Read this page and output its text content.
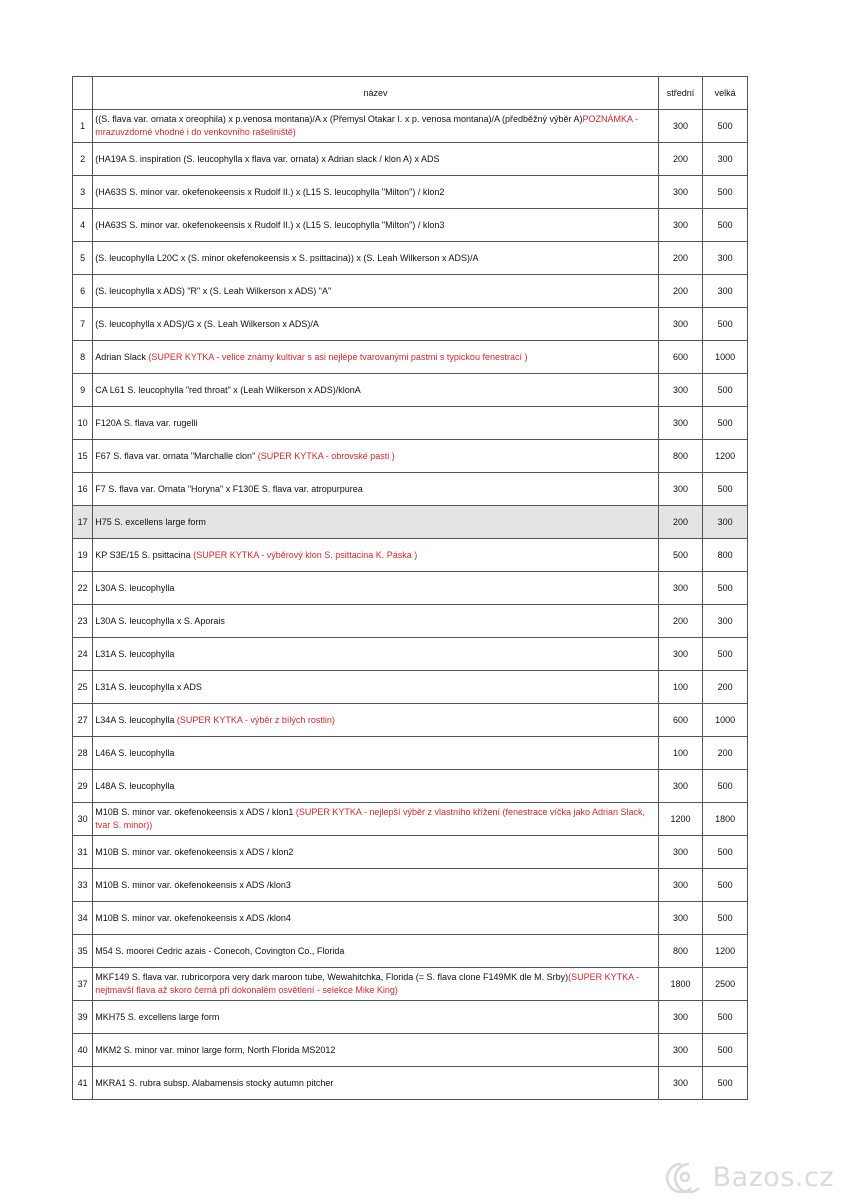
	název	střední	velká
1	((S. flava var. ornata x oreophila) x p.venosa montana)/A x (Přemysl Otakar I. x p. venosa montana)/A (předběžný výběr A)POZNÁMKA - mrazuvzdorné vhodné i do venkovního rašeliniště)	300	500
2	(HA19A S. inspiration (S. leucophylla x flava var. ornata) x Adrian slack / klon A) x ADS	200	300
3	(HA63S S. minor var. okefenokeensis x Rudolf II.) x (L15 S. leucophylla "Milton") / klon2	300	500
4	(HA63S S. minor var. okefenokeensis x Rudolf II.) x (L15 S. leucophylla "Milton") / klon3	300	500
5	(S. leucophylla L20C x (S. minor okefenokeensis x S. psittacina)) x (S. Leah Wilkerson x ADS)/A	200	300
6	(S. leucophylla x ADS) "R" x (S. Leah Wilkerson x ADS) "A"	200	300
7	(S. leucophylla x ADS)/G x (S. Leah Wilkerson x ADS)/A	300	500
8	Adrian Slack (SUPER KYTKA - velice známy kultivar s asi nejlépe tvarovanými pastmi s typickou fenestrací )	600	1000
9	CA L61 S. leucophylla "red throat" x (Leah Wilkerson x ADS)/klonA	300	500
10	F120A S. flava var. rugelli	300	500
15	F67 S. flava var. ornata "Marchalle clon" (SUPER KYTKA - obrovské pasti )	800	1200
16	F7 S. flava var. Ornata "Horyna" x F130E S. flava var. atropurpurea	300	500
17	H75 S. excellens large form	200	300
19	KP S3E/15 S. psittacina (SUPER KYTKA - výběrový klon S. psittacina K. Páska )	500	800
22	L30A S. leucophylla	300	500
23	L30A S. leucophylla x S. Aporais	200	300
24	L31A S. leucophylla	300	500
25	L31A S. leucophylla x ADS	100	200
27	L34A S. leucophylla (SUPER KYTKA - výběr z bílých rostlin)	600	1000
28	L46A S. leucophylla	100	200
29	L48A S. leucophylla	300	500
30	M10B S. minor var. okefenokeensis x ADS / klon1 (SUPER KYTKA - nejlepší výběr z vlastního křížení (fenestrace víčka jako Adrian Slack, tvar S. minor))	1200	1800
31	M10B S. minor var. okefenokeensis x ADS / klon2	300	500
33	M10B S. minor var. okefenokeensis x ADS /klon3	300	500
34	M10B S. minor var. okefenokeensis x ADS /klon4	300	500
35	M54 S. moorei Cedric azais - Conecoh, Covington Co., Florida	800	1200
37	MKF149 S. flava var. rubricorpora very dark maroon tube, Wewahitchka, Florida (= S. flava clone F149MK dle M. Srby)(SUPER KYTKA - nejtmavší flava až skoro černá při dokonalém osvětlení - selekce Mike King)	1800	2500
39	MKH75 S. excellens large form	300	500
40	MKM2 S. minor var. minor large form, North Florida MS2012	300	500
41	MKRA1 S. rubra subsp. Alabamensis stocky autumn pitcher	300	500
Bazos.cz
